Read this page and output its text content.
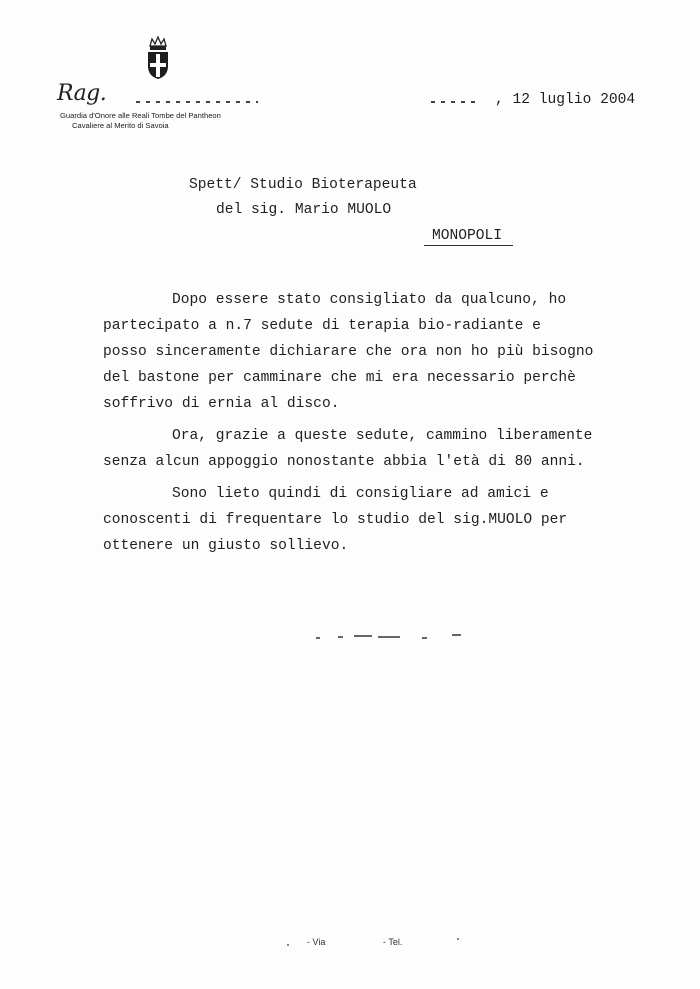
Rag.
Guardia d'Onore alle Reali Tombe del Pantheon
Cavaliere al Merito di Savoia
, 12 luglio 2004
Spett/ Studio Bioterapeuta
del sig. Mario MUOLO
MONOPOLI
Dopo essere stato consigliato da qualcuno, ho
partecipato a n.7 sedute di terapia bio-radiante e
posso sinceramente dichiarare che ora non ho più bisogno
del bastone per camminare che mi era necessario perchè
soffrivo di ernia al disco.
Ora, grazie a queste sedute, cammino liberamente
senza alcun appoggio nonostante abbia l'età di 80 anni.
Sono lieto quindi di consigliare ad amici e
conoscenti di frequentare lo studio del sig.MUOLO per
ottenere un giusto sollievo.
- Via	- Tel.
